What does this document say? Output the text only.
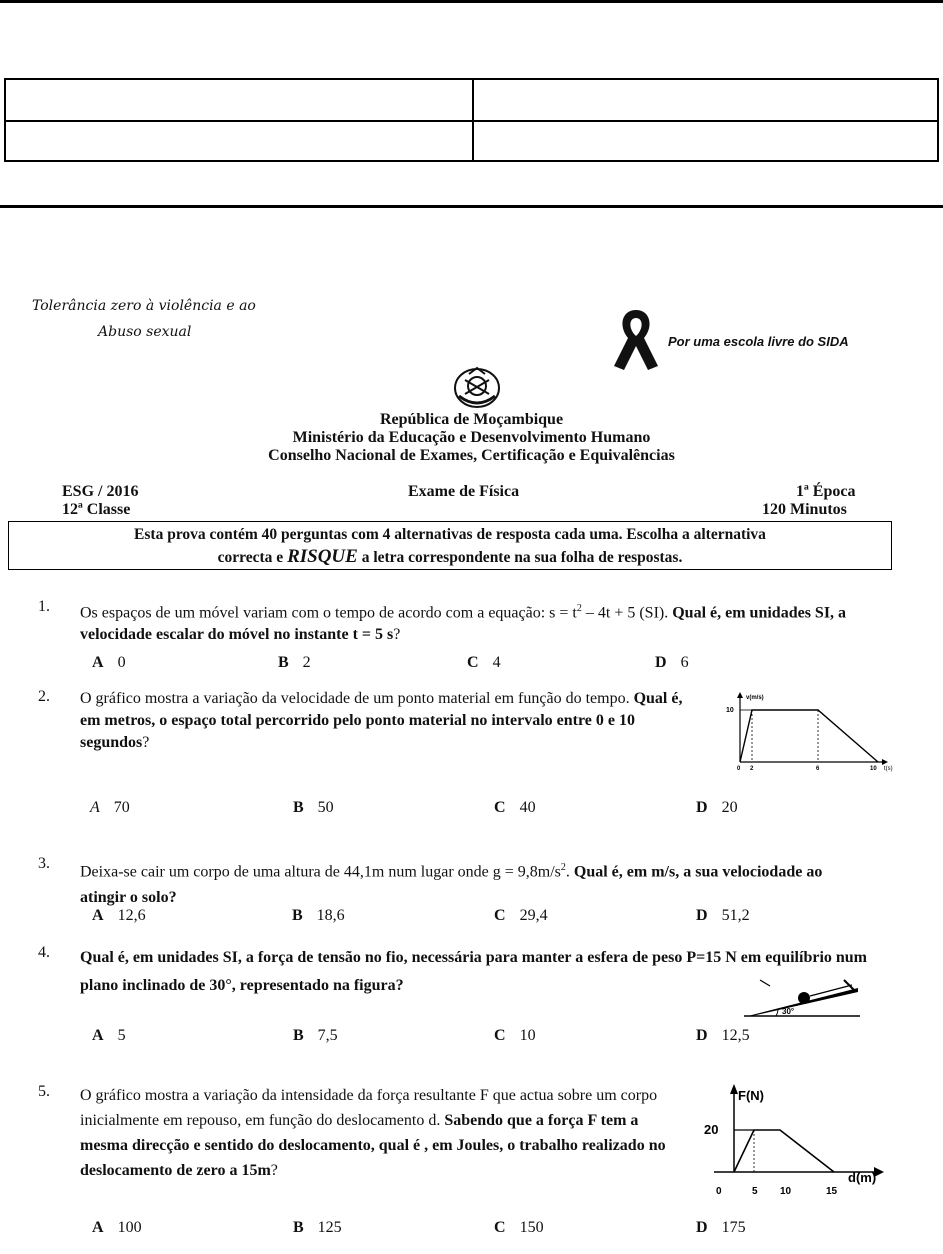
Tolerância zero à violência e ao
Abuso sexual
Por uma escola livre do SIDA
República de Moçambique
Ministério da Educação e Desenvolvimento Humano
Conselho Nacional de Exames, Certificação e Equivalências
ESG / 2016
12ª Classe
Exame de Física	1ª Época
120 Minutos
Esta prova contém 40 perguntas com 4 alternativas de resposta cada uma. Escolha a alternativa
correcta e RISQUE a letra correspondente na sua folha de respostas.
1. Os espaços de um móvel variam com o tempo de acordo com a equação: $s = t^2 - 4t + 5$ (SI). Qual é, em unidades SI, a velocidade escalar do móvel no instante t = 5 s?
A 0	B 2	C 4	D 6
2. O gráfico mostra a variação da velocidade de um ponto material em função do tempo. Qual é, em metros, o espaço total percorrido pelo ponto material no intervalo entre 0 e 10 segundos?
v(m/s)
10
0 2	6	10 t(s)
A 70	B 50	C 40	D 20
3. Deixa-se cair um corpo de uma altura de 44,1m num lugar onde $g = 9,8m/s^2$. Qual é, em m/s, a sua velociodade ao atingir o solo?
A 12,6	B 18,6	C 29,4	D 51,2
4. Qual é, em unidades SI, a força de tensão no fio, necessária para manter a esfera de peso P=15 N em equilíbrio num plano inclinado de 30°, representado na figura?
30°
A 5	B 7,5	C 10	D 12,5
5. O gráfico mostra a variação da intensidade da força resultante F que actua sobre um corpo inicialmente em repouso, em função do deslocamento d. Sabendo que a força F tem a mesma direcção e sentido do deslocamento, qual é , em Joules, o trabalho realizado no deslocamento de zero a 15m?
F(N)
20
d(m)
0	5 10	15
A 100	B 125	C 150	D 175
